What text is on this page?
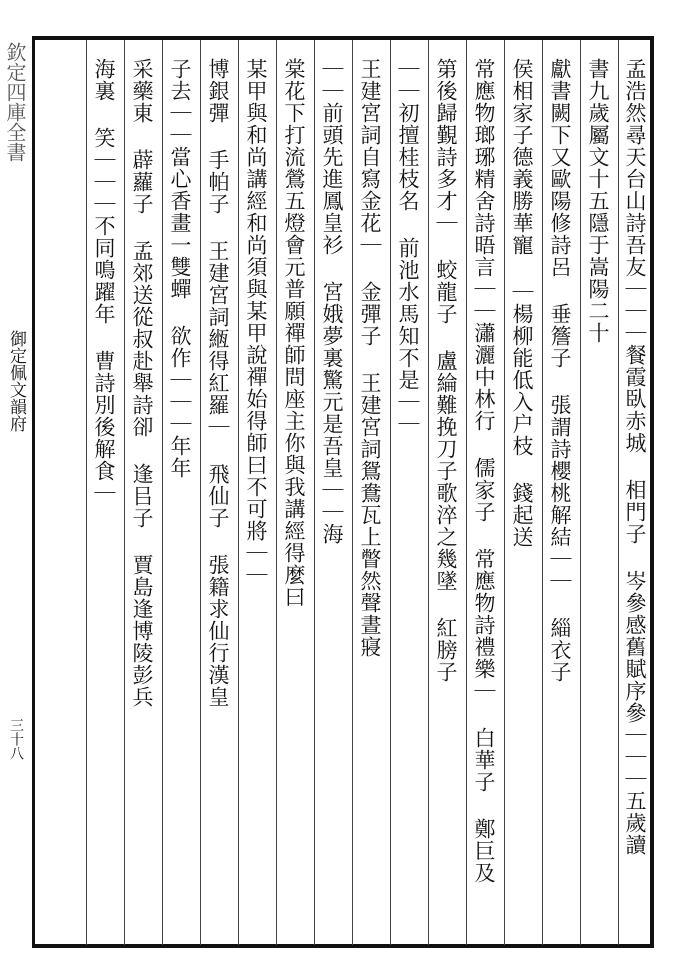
欽定四庫全書
御定佩文韻府
三十八	孟浩然尋天台山詩吾友｜｜｜餐霞臥赤城 相門子 岑參感舊賦序參｜｜｜五歲讀
書九歲屬文十五隱于嵩陽二十
獻書闕下又歐陽修詩呂 垂簷子 張謂詩櫻桃解結｜｜ 緇衣子
侯相家子德義勝華寵 ｜楊柳能低入户枝 錢起送
常應物瑯琊精舍詩晤言｜｜瀟灑中林行 儒家子 常應物詩禮樂｜ 白華子 鄭巨及
第後歸覲詩多才｜ 蛟龍子 盧綸難挽刀子歌淬之幾墜 紅膀子
｜｜初擅桂枝名 前池水馬知不是｜｜
王建宮詞自寫金花｜ 金彈子 王建宮詞鴛鴦瓦上瞥然聲晝寢
｜｜前頭先進鳳皇衫 宮娥夢裏驚元是吾皇｜｜海
棠花下打流鶯五燈會元普願禪師問座主你與我講經得麼曰
某甲與和尚講經和尚須與某甲說禪始得師曰不可將｜｜
博銀彈 手帕子 王建宮詞緪得紅羅｜ 飛仙子 張籍求仙行漢皇
子去｜｜當心香畫一雙蟬 欲作｜｜｜年年
采藥東 薜蘿子 孟郊送從叔赴舉詩卻 逢㠯子 賈島逢博陵彭兵
海裏 笑｜｜｜不同鳴躍年 曹詩別後解食｜
